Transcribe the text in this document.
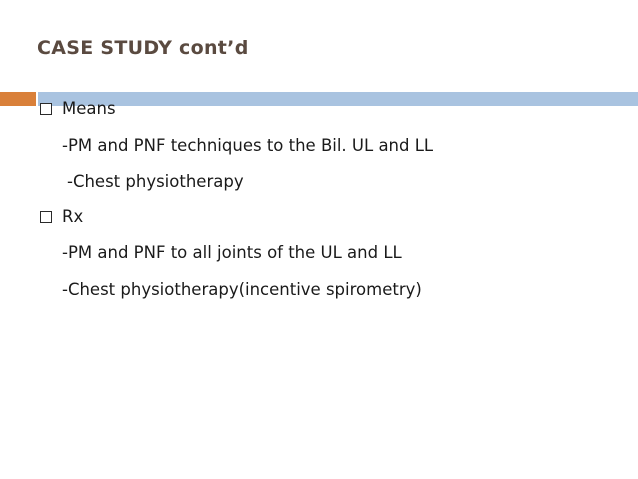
CASE STUDY cont’d
Means
-PM and PNF techniques to the Bil. UL and LL
-Chest physiotherapy
Rx
-PM and PNF to all joints of the UL and LL
-Chest physiotherapy(incentive spirometry)
